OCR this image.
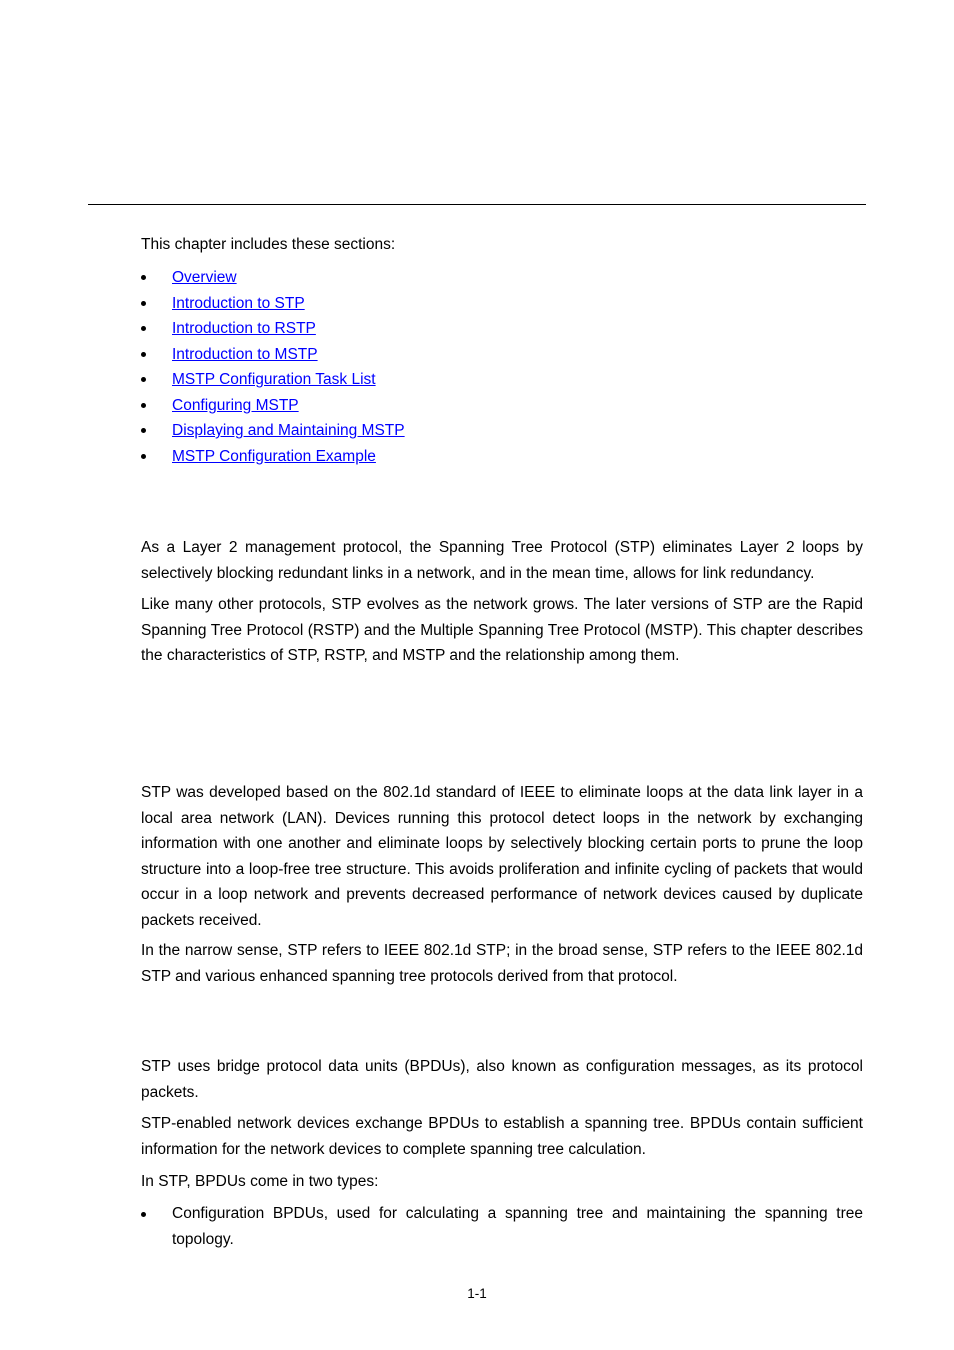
This chapter includes these sections:
Overview
Introduction to STP
Introduction to RSTP
Introduction to MSTP
MSTP Configuration Task List
Configuring MSTP
Displaying and Maintaining MSTP
MSTP Configuration Example

As a Layer 2 management protocol, the Spanning Tree Protocol (STP) eliminates Layer 2 loops by selectively blocking redundant links in a network, and in the mean time, allows for link redundancy.

Like many other protocols, STP evolves as the network grows. The later versions of STP are the Rapid Spanning Tree Protocol (RSTP) and the Multiple Spanning Tree Protocol (MSTP). This chapter describes the characteristics of STP, RSTP, and MSTP and the relationship among them.

STP was developed based on the 802.1d standard of IEEE to eliminate loops at the data link layer in a local area network (LAN). Devices running this protocol detect loops in the network by exchanging information with one another and eliminate loops by selectively blocking certain ports to prune the loop structure into a loop-free tree structure. This avoids proliferation and infinite cycling of packets that would occur in a loop network and prevents decreased performance of network devices caused by duplicate packets received.

In the narrow sense, STP refers to IEEE 802.1d STP; in the broad sense, STP refers to the IEEE 802.1d STP and various enhanced spanning tree protocols derived from that protocol.

STP uses bridge protocol data units (BPDUs), also known as configuration messages, as its protocol packets.

STP-enabled network devices exchange BPDUs to establish a spanning tree. BPDUs contain sufficient information for the network devices to complete spanning tree calculation.

In STP, BPDUs come in two types:

Configuration BPDUs, used for calculating a spanning tree and maintaining the spanning tree topology.
1-1
